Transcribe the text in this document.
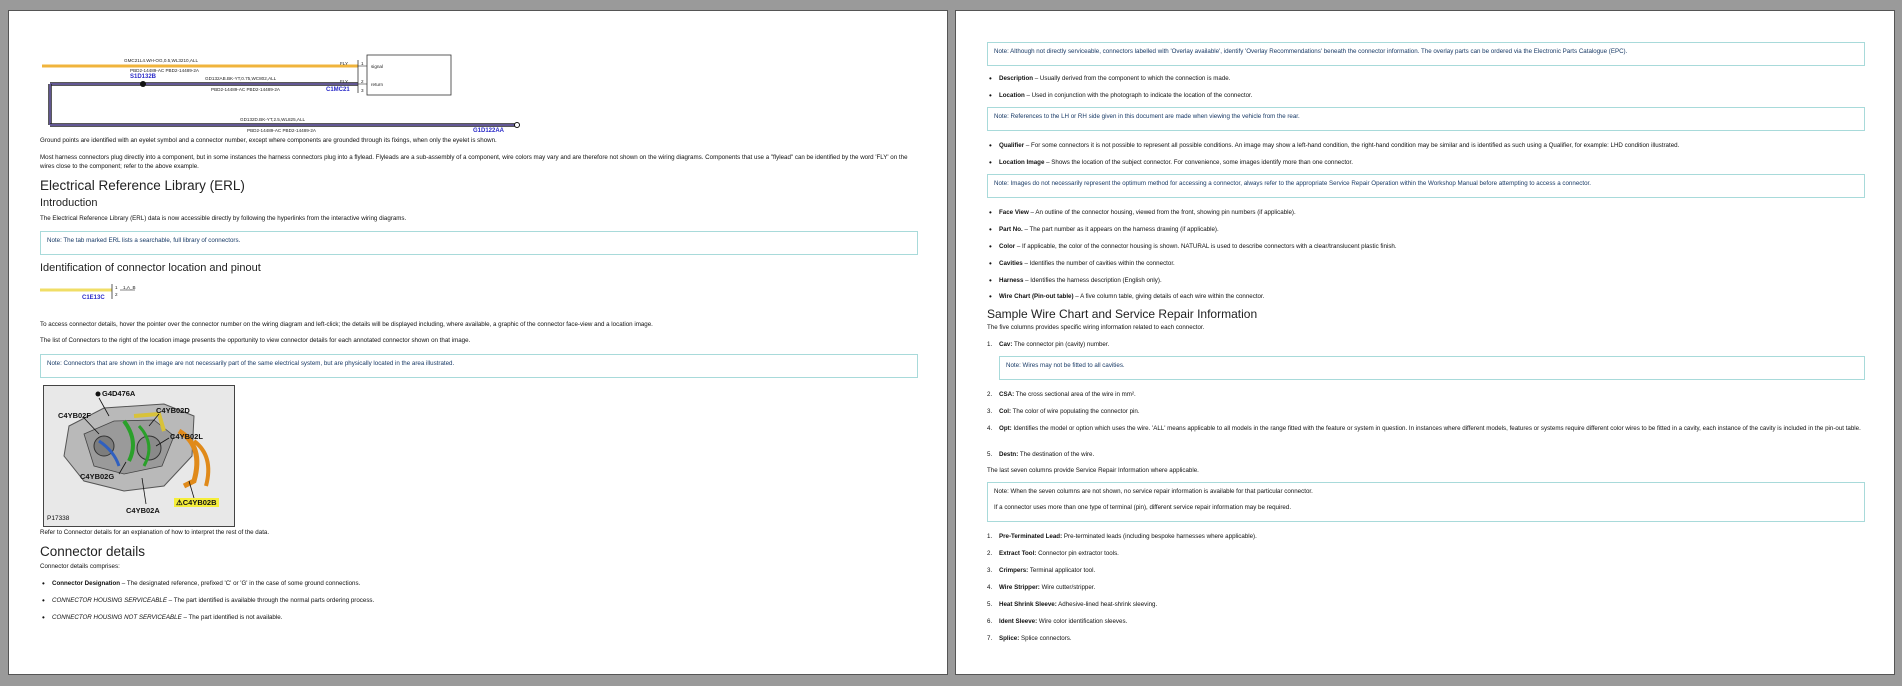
GMC21L4.WH-OG,0.5,WL3210,ALL
PBD2-14489-AC PBD2-14489-2A
GD132AB.BK-YT,0.75,WC802,ALL
PBD2-14489-AC PBD2-14489-2A
GD132D.BK-YT,2.5,WL825,ALL
PBD2-14489-AC PBD2-14489-2A
S1D132B
C1MC21
G1D122AA
FLY
FLY
1
2
3
signal
return

Ground points are identified with an eyelet symbol and a connector number, except where components are grounded through its fixings, when only the eyelet is shown.

Most harness connectors plug directly into a component, but in some instances the harness connectors plug into a flylead. Flyleads are a sub-assembly of a component, wire colors may vary and are therefore not shown on the wiring diagrams. Components that use a "flylead" can be identified by the word 'FLY' on the wires close to the component; refer to the above example.

Electrical Reference Library (ERL)
Introduction

The Electrical Reference Library (ERL) data is now accessible directly by following the hyperlinks from the interactive wiring diagrams.

Note: The tab marked ERL lists a searchable, full library of connectors.
Identification of connector location and pinout
C1E13C
1
2
1,A_B

To access connector details, hover the pointer over the connector number on the wiring diagram and left-click; the details will be displayed including, where available, a graphic of the connector face-view and a location image.

The list of Connectors to the right of the location image presents the opportunity to view connector details for each annotated connector shown on that image.

Note: Connectors that are shown in the image are not necessarily part of the same electrical system, but are physically located in the area illustrated.
G4D476A
C4YB02F
C4YB02D
C4YB02L
C4YB02G
⚠C4YB02B
C4YB02A
P17338

Refer to Connector details for an explanation of how to interpret the rest of the data.

Connector details

Connector details comprises:

• Connector Designation – The designated reference, prefixed 'C' or 'G' in the case of some ground connections.
• CONNECTOR HOUSING SERVICEABLE – The part identified is available through the normal parts ordering process.
• CONNECTOR HOUSING NOT SERVICEABLE – The part identified is not available.
Note: Although not directly serviceable, connectors labelled with 'Overlay available', identify 'Overlay Recommendations' beneath the connector information. The overlay parts can be ordered via the Electronic Parts Catalogue (EPC).
• Description – Usually derived from the component to which the connection is made.
• Location – Used in conjunction with the photograph to indicate the location of the connector.
Note: References to the LH or RH side given in this document are made when viewing the vehicle from the rear.
• Qualifier – For some connectors it is not possible to represent all possible conditions. An image may show a left-hand condition, the right-hand condition may be similar and is identified as such using a Qualifier, for example: LHD condition illustrated.
• Location Image – Shows the location of the subject connector. For convenience, some images identify more than one connector.
Note: Images do not necessarily represent the optimum method for accessing a connector, always refer to the appropriate Service Repair Operation within the Workshop Manual before attempting to access a connector.
• Face View – An outline of the connector housing, viewed from the front, showing pin numbers (if applicable).
• Part No. – The part number as it appears on the harness drawing (if applicable).
• Color – If applicable, the color of the connector housing is shown. NATURAL is used to describe connectors with a clear/translucent plastic finish.
• Cavities – Identifies the number of cavities within the connector.
• Harness – Identifies the harness description (English only).
• Wire Chart (Pin-out table) – A five column table, giving details of each wire within the connector.
Sample Wire Chart and Service Repair Information

The five columns provides specific wiring information related to each connector.

1. Cav: The connector pin (cavity) number.
Note: Wires may not be fitted to all cavities.
2. CSA: The cross sectional area of the wire in mm².
3. Col: The color of wire populating the connector pin.
4. Opt: Identifies the model or option which uses the wire. 'ALL' means applicable to all models in the range fitted with the feature or system in question. In instances where different models, features or systems require different color wires to be fitted in a cavity, each instance of the cavity is included in the pin-out table.
5. Destn: The destination of the wire.

The last seven columns provide Service Repair Information where applicable.

Note: When the seven columns are not shown, no service repair information is available for that particular connector.
If a connector uses more than one type of terminal (pin), different service repair information may be required.
1. Pre-Terminated Lead: Pre-terminated leads (including bespoke harnesses where applicable).
2. Extract Tool: Connector pin extractor tools.
3. Crimpers: Terminal applicator tool.
4. Wire Stripper: Wire cutter/stripper.
5. Heat Shrink Sleeve: Adhesive-lined heat-shrink sleeving.
6. Ident Sleeve: Wire color identification sleeves.
7. Splice: Splice connectors.
